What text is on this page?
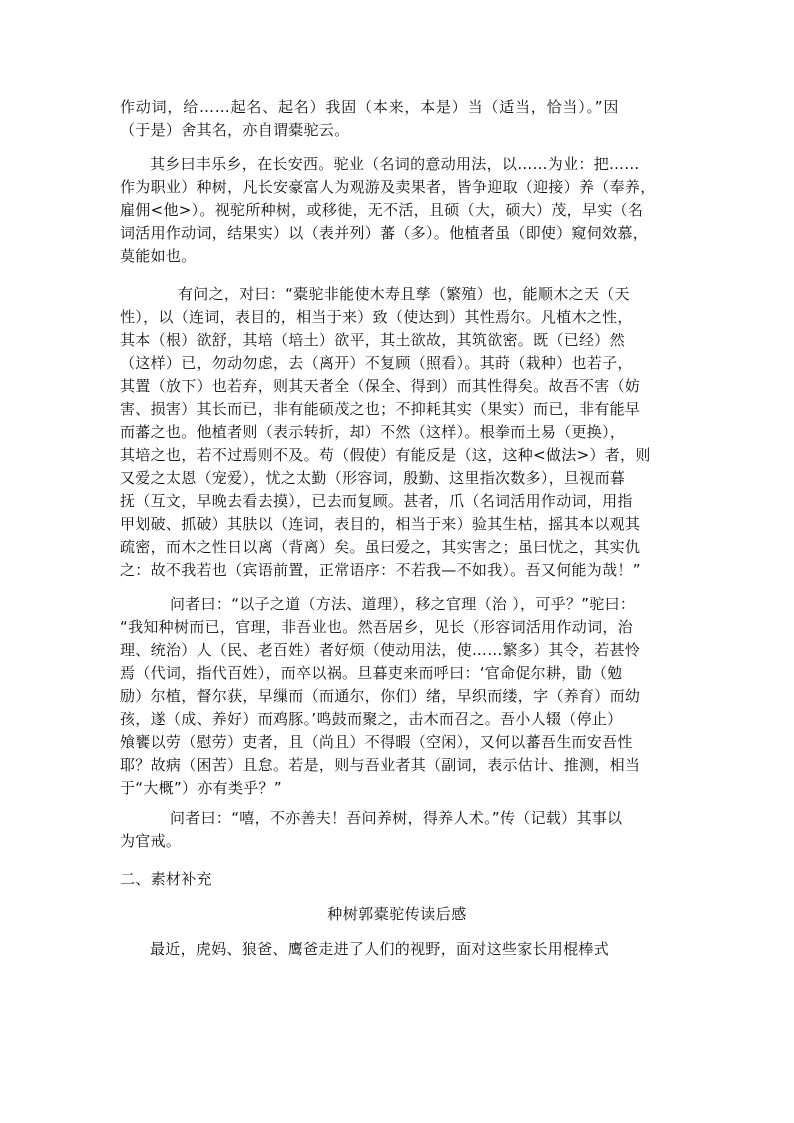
作动词，给……起名、起名）我固（本来，本是）当（适当，恰当）。”因
（于是）舍其名，亦自谓橐驼云。
其乡曰丰乐乡，在长安西。驼业（名词的意动用法，以……为业：把……
作为职业）种树，凡长安豪富人为观游及卖果者，皆争迎取（迎接）养（奉养，
雇佣<他>）。视驼所种树，或移徙，无不活，且硕（大，硕大）茂，早实（名
词活用作动词，结果实）以（表并列）蕃（多）。他植者虽（即使）窥伺效慕，
莫能如也。
有问之，对曰：“橐驼非能使木寿且孳（繁殖）也，能顺木之天（天
性），以（连词，表目的，相当于来）致（使达到）其性焉尔。凡植木之性，
其本（根）欲舒，其培（培土）欲平，其土欲故，其筑欲密。既（已经）然
（这样）已，勿动勿虑，去（离开）不复顾（照看）。其莳（栽种）也若子，
其置（放下）也若弃，则其天者全（保全、得到）而其性得矣。故吾不害（妨
害、损害）其长而已，非有能硕茂之也；不抑耗其实（果实）而已，非有能早
而蕃之也。他植者则（表示转折，却）不然（这样）。根拳而土易（更换），
其培之也，若不过焉则不及。苟（假使）有能反是（这，这种<做法>）者，则
又爱之太恩（宠爱），忧之太勤（形容词，殷勤、这里指次数多），旦视而暮
抚（互文，早晚去看去摸），已去而复顾。甚者，爪（名词活用作动词，用指
甲划破、抓破）其肤以（连词，表目的，相当于来）验其生枯，摇其本以观其
疏密，而木之性日以离（背离）矣。虽曰爱之，其实害之；虽曰忧之，其实仇
之：故不我若也（宾语前置，正常语序：不若我—不如我）。吾又何能为哉！”
问者曰：“以子之道（方法、道理），移之官理（治 ），可乎？”驼曰：
“我知种树而已，官理，非吾业也。然吾居乡，见长（形容词活用作动词，治
理、统治）人（民、老百姓）者好烦（使动用法，使……繁多）其令，若甚怜
焉（代词，指代百姓），而卒以祸。旦暮吏来而呼曰：‘官命促尔耕，勖（勉
励）尔植，督尔获，早缫而（而通尔，你们）绪，早织而缕，字（养育）而幼
孩，遂（成、养好）而鸡豚。’鸣鼓而聚之，击木而召之。吾小人辍（停止）
飧饔以劳（慰劳）吏者，且（尚且）不得暇（空闲），又何以蕃吾生而安吾性
耶？故病（困苦）且怠。若是，则与吾业者其（副词，表示估计、推测，相当
于“大概”）亦有类乎？”
问者曰：“嘻，不亦善夫！吾问养树，得养人术。”传（记载）其事以
为官戒。
二、素材补充
种树郭橐驼传读后感
最近，虎妈、狼爸、鹰爸走进了人们的视野，面对这些家长用棍棒式
